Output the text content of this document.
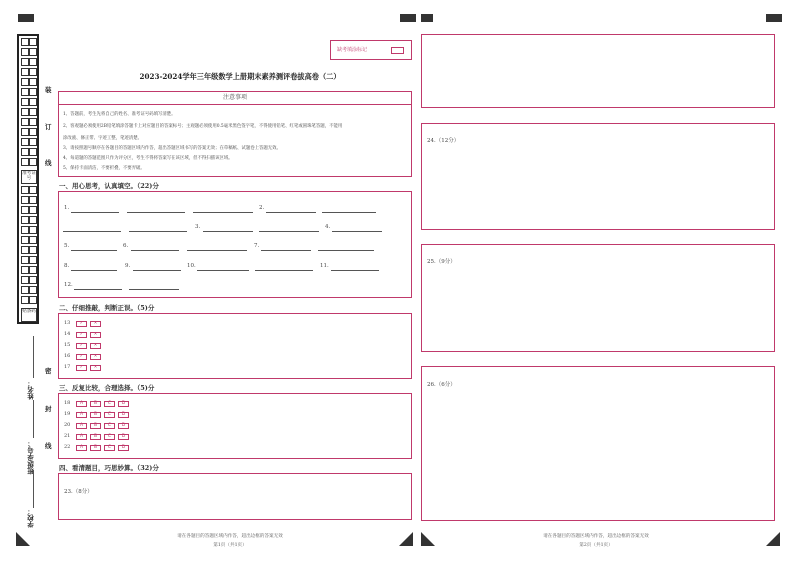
准考证号
贴条码
装
订
线
密
封
线
姓名：
班级/学号：
学校：
缺考填涂标记
2023-2024学年三年级数学上册期末素养测评卷拔高卷（二）
注意事项
1、答题前，考生先将自己的姓名、准考证号码填写清楚。
2、客观题必须使用2B铅笔填涂答题卡上对应题目的答案标号；主观题必须使用0.5毫米黑色签字笔，不得使用铅笔、红笔或圆珠笔答题，不能用
涂改液、修正带、字迹工整，笔迹清楚。
3、请按照题号顺序在各题目的答题区域内作答，超出答题区域书写的答案无效；在草稿纸、试题卷上答题无效。
4、每道题的答题范围只作为评分区，考生不得将答案写在该区域，但不得扫描该区域。
5、保持卡面清洁，不要折叠，不要弄破。
一、用心思考，认真填空。（22)分
1.	2.
3.	4.
5.	6.	7.
8.	9.	10.	11.
12.
二、仔细推敲，判断正误。（5)分
13	✓	✕
14	✓	✕
15	✓	✕
16	✓	✕
17	✓	✕
三、反复比较，合理选择。（5)分
18	A	B	C	D
19	A	B	C	D
20	A	B	C	D
21	A	B	C	D
22	A	B	C	D
四、看清题目，巧思妙算。（32)分
23.（8分）
请在各题目的答题区域内作答，超出边框的答案无效
第1页（共1页）
24.（12分）
25.（9分）
26.（6分）
请在各题目的答题区域内作答，超出边框的答案无效
第2页（共1页）
